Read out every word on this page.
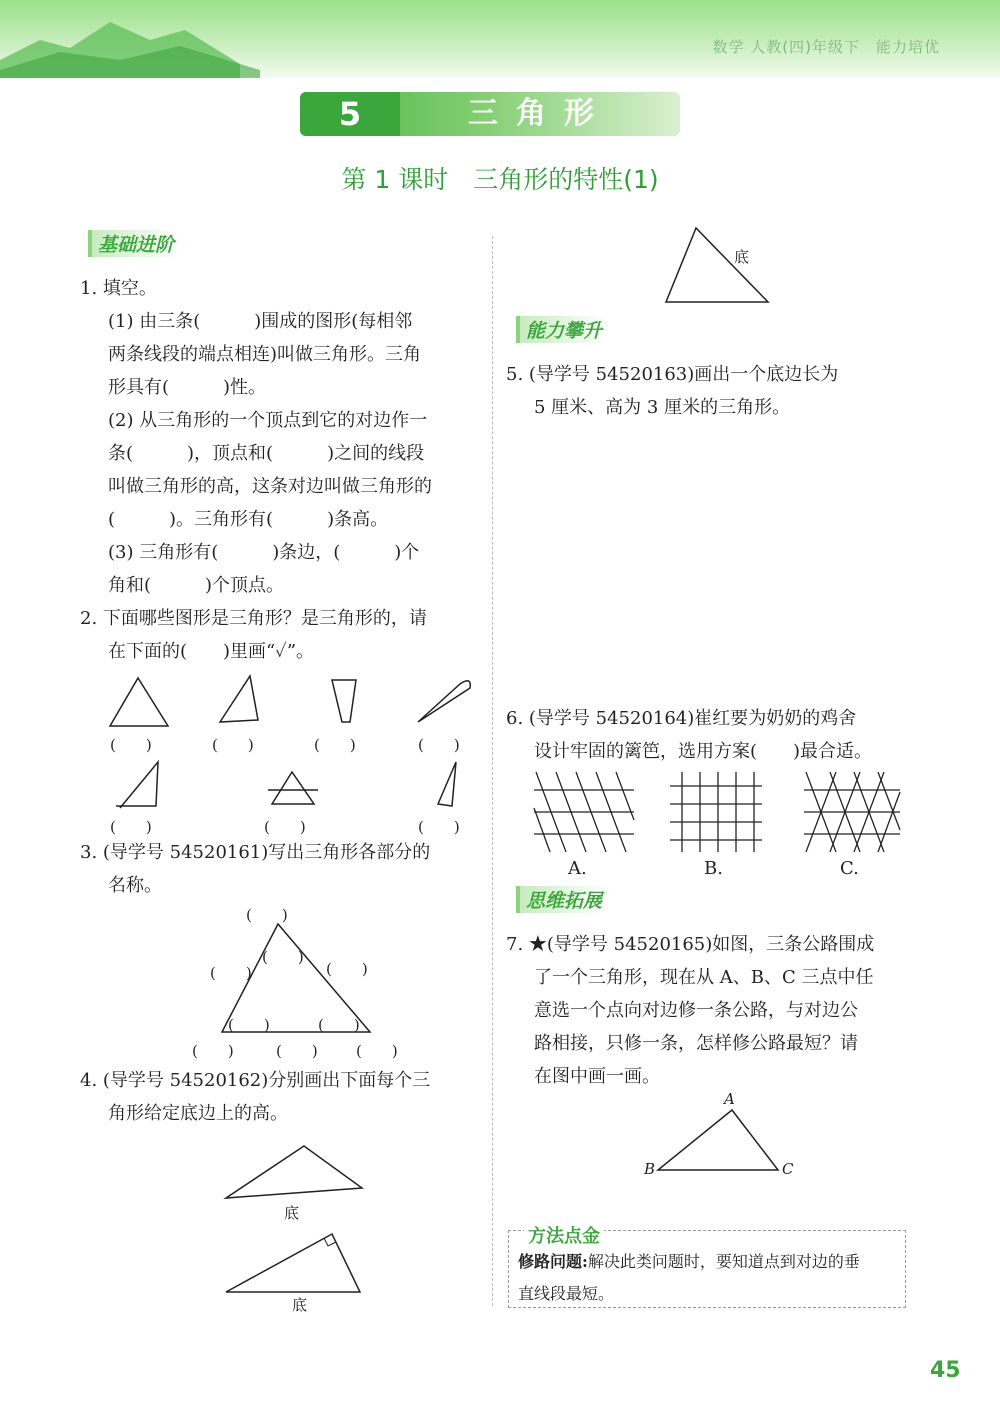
数学 人教(四)年级下　 能力培优
5	三角形
第 1 课时　三角形的特性(1)
基础进阶
1. 填空。
(1) 由三条(　　　)围成的图形(每相邻
两条线段的端点相连)叫做三角形。三角
形具有(　　　)性。
(2) 从三角形的一个顶点到它的对边作一
条(　　　)，顶点和(　　　)之间的线段
叫做三角形的高，这条对边叫做三角形的
(　　　)。三角形有(　　　)条高。
(3) 三角形有(　　　)条边，(　　　)个
角和(　　　)个顶点。
2. 下面哪些图形是三角形？是三角形的，请
在下面的(　　)里画“✓”。
(　　)	(　　)	(　　)	(　　)
(　　)	(　　)	(　　)
3. (导学号 54520161)写出三角形各部分的
名称。
(　　)
(　　)
(　　)	(　　)
(　　)	(　　)
(　　)	(　　)	(　　)
4. (导学号 54520162)分别画出下面每个三
角形给定底边上的高。
底
底
底
能力攀升
5. (导学号 54520163)画出一个底边长为
5 厘米、高为 3 厘米的三角形。
6. (导学号 54520164)崔红要为奶奶的鸡舍
设计牢固的篱笆，选用方案(　　)最合适。
A.	B.	C.
思维拓展
7. ★(导学号 54520165)如图，三条公路围成
了一个三角形，现在从 A、B、C 三点中任
意选一个点向对边修一条公路，与对边公
路相接，只修一条，怎样修公路最短？请
在图中画一画。
A
B	C
方法点金
修路问题:解决此类问题时，要知道点到对边的垂
直线段最短。
45
